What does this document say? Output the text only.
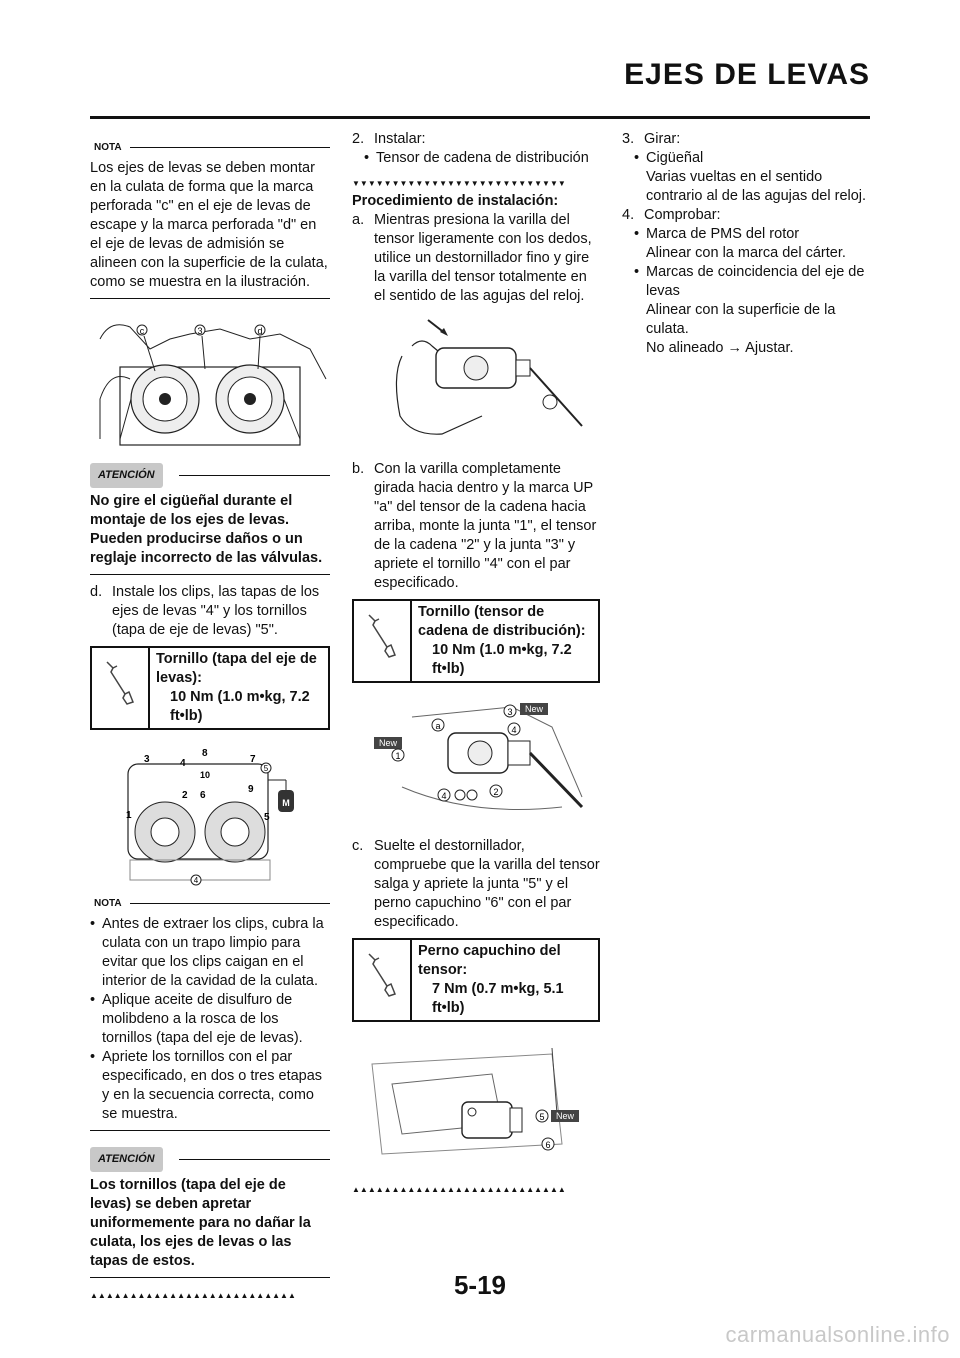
EJES DE LEVAS
NOTA

Los ejes de levas se deben montar en la culata de forma que la marca perforada "c" en el eje de levas de escape y la marca perforada "d" en el eje de levas de admisión se alineen con la superficie de la culata, como se muestra en la ilustración.

c	3	d
ATENCIÓN

No gire el cigüeñal durante el montaje de los ejes de levas. Pueden producirse daños o un reglaje incorrecto de las válvulas.

d. Instale los clips, las tapas de los ejes de levas "4" y los tornillos (tapa de eje de levas) "5".
Tornillo (tapa del eje de levas):
10 Nm (1.0 m•kg, 7.2 ft•lb)
M
3	4
8
10
7
5
9
2 6
1	5
4
NOTA
• Antes de extraer los clips, cubra la culata con un trapo limpio para evitar que los clips caigan en el interior de la cavidad de la culata.
• Aplique aceite de disulfuro de molibdeno a la rosca de los tornillos (tapa del eje de levas).
• Apriete los tornillos con el par especificado, en dos o tres etapas y en la secuencia correcta, como se muestra.
ATENCIÓN

Los tornillos (tapa del eje de levas) se deben apretar uniformemente para no dañar la culata, los ejes de levas o las tapas de estos.

▲▲▲▲▲▲▲▲▲▲▲▲▲▲▲▲▲▲▲▲▲▲▲▲▲▲
2. Instalar:
• Tensor de cadena de distribución
▼▼▼▼▼▼▼▼▼▼▼▼▼▼▼▼▼▼▼▼▼▼▼▼▼▼▼

Procedimiento de instalación:

a. Mientras presiona la varilla del tensor ligeramente con los dedos, utilice un destornillador fino y gire la varilla del tensor totalmente en el sentido de las agujas del reloj.
b. Con la varilla completamente girada hacia dentro y la marca UP "a" del tensor de la cadena hacia arriba, monte la junta "1", el tensor de la cadena "2" y la junta "3" y apriete el tornillo "4" con el par especificado.
Tornillo (tensor de cadena de distribución):
10 Nm (1.0 m•kg, 7.2 ft•lb)
3 New
a	4
New
1
4	2
c. Suelte el destornillador, compruebe que la varilla del tensor salga y apriete la junta "5" y el perno capuchino "6" con el par especificado.
Perno capuchino del tensor:
7 Nm (0.7 m•kg, 5.1 ft•lb)
5 New
6
▲▲▲▲▲▲▲▲▲▲▲▲▲▲▲▲▲▲▲▲▲▲▲▲▲▲▲
3. Girar:
• Cigüeñal
Varias vueltas en el sentido contrario al de las agujas del reloj.
4. Comprobar:
• Marca de PMS del rotor
Alinear con la marca del cárter.
• Marcas de coincidencia del eje de levas
Alinear con la superficie de la culata.
No alineado → Ajustar.
5-19
carmanualsonline.info
